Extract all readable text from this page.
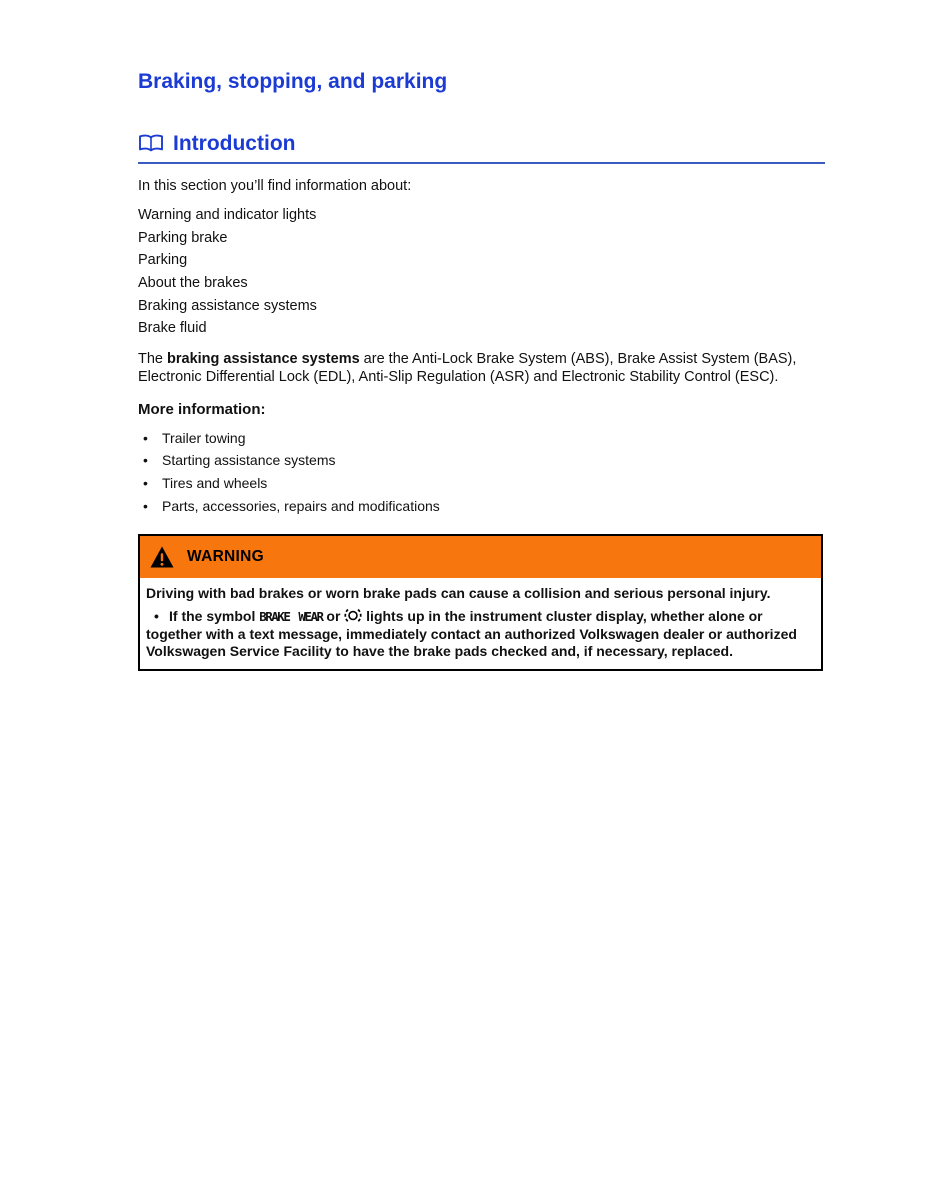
Braking, stopping, and parking
Introduction

In this section you’ll find information about:

Warning and indicator lights
Parking brake
Parking
About the brakes
Braking assistance systems
Brake fluid

The braking assistance systems are the Anti-Lock Brake System (ABS), Brake Assist System (BAS), Electronic Differential Lock (EDL), Anti-Slip Regulation (ASR) and Electronic Stability Control (ESC).

More information:
• Trailer towing
• Starting assistance systems
• Tires and wheels
• Parts, accessories, repairs and modifications
WARNING

Driving with bad brakes or worn brake pads can cause a collision and serious personal injury.

• If the symbol BRAKE WEAR or  lights up in the instrument cluster display, whether alone or together with a text message, immediately contact an authorized Volkswagen dealer or authorized Volkswagen Service Facility to have the brake pads checked and, if necessary, replaced.
